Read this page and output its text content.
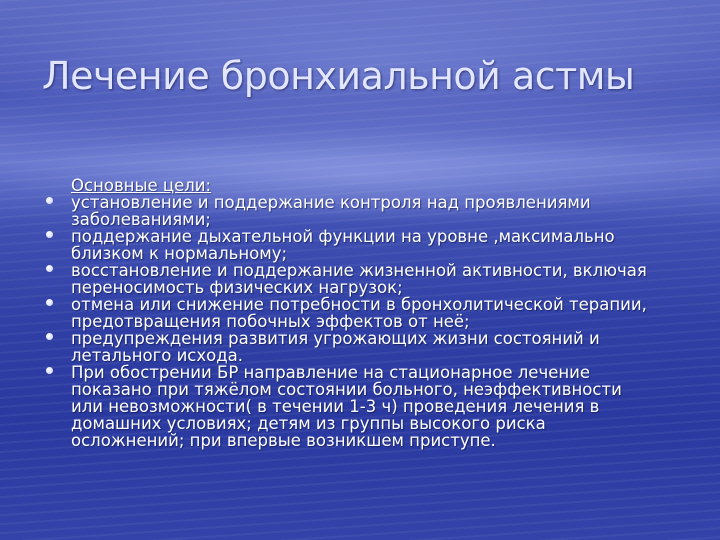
Лечение бронхиальной астмы
Основные цели:
установление и поддержание контроля над проявлениями
заболеваниями;
поддержание дыхательной функции на уровне ,максимально
близком к нормальному;
восстановление и поддержание жизненной активности, включая
переносимость физических нагрузок;
отмена или снижение потребности в бронхолитической терапии,
предотвращения побочных эффектов от неё;
предупреждения развития угрожающих жизни состояний и
летального исхода.
При обострении БР направление на стационарное лечение
показано при тяжёлом состоянии больного, неэффективности
или невозможности( в течении 1-3 ч) проведения лечения в
домашних условиях; детям из группы высокого риска
осложнений; при впервые возникшем приступе.
